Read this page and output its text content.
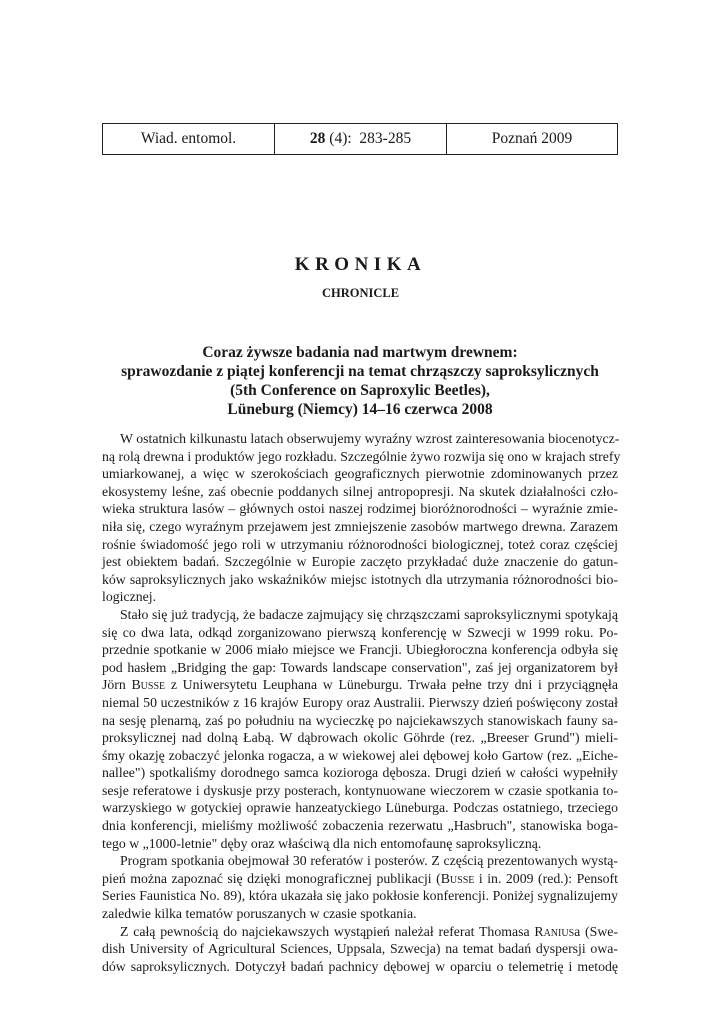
Wiad. entomol.	28 (4):  283-285	Poznań 2009
KRONIKA
CHRONICLE
Coraz żywsze badania nad martwym drewnem:
sprawozdanie z piątej konferencji na temat chrząszczy saproksylicznych
(5th Conference on Saproxylic Beetles),
Lüneburg (Niemcy) 14–16 czerwca 2008
W ostatnich kilkunastu latach obserwujemy wyraźny wzrost zainteresowania biocenotycz-
ną rolą drewna i produktów jego rozkładu. Szczególnie żywo rozwija się ono w krajach strefy
umiarkowanej, a więc w szerokościach geograficznych pierwotnie zdominowanych przez
ekosystemy leśne, zaś obecnie poddanych silnej antropopresji. Na skutek działalności czło-
wieka struktura lasów – głównych ostoi naszej rodzimej bioróżnorodności – wyraźnie zmie-
niła się, czego wyraźnym przejawem jest zmniejszenie zasobów martwego drewna. Zarazem
rośnie świadomość jego roli w utrzymaniu różnorodności biologicznej, toteż coraz częściej
jest obiektem badań. Szczególnie w Europie zaczęto przykładać duże znaczenie do gatun-
ków saproksylicznych jako wskaźników miejsc istotnych dla utrzymania różnorodności bio-
logicznej.
Stało się już tradycją, że badacze zajmujący się chrząszczami saproksylicznymi spotykają
się co dwa lata, odkąd zorganizowano pierwszą konferencję w Szwecji w 1999 roku. Po-
przednie spotkanie w 2006 miało miejsce we Francji. Ubiegłoroczna konferencja odbyła się
pod hasłem „Bridging the gap: Towards landscape conservation", zaś jej organizatorem był
Jörn Busse z Uniwersytetu Leuphana w Lüneburgu. Trwała pełne trzy dni i przyciągnęła
niemal 50 uczestników z 16 krajów Europy oraz Australii. Pierwszy dzień poświęcony został
na sesję plenarną, zaś po południu na wycieczkę po najciekawszych stanowiskach fauny sa-
proksylicznej nad dolną Łabą. W dąbrowach okolic Göhrde (rez. „Breeser Grund") mieli-
śmy okazję zobaczyć jelonka rogacza, a w wiekowej alei dębowej koło Gartow (rez. „Eiche-
nallee") spotkaliśmy dorodnego samca kozioroga dębosza. Drugi dzień w całości wypełniły
sesje referatowe i dyskusje przy posterach, kontynuowane wieczorem w czasie spotkania to-
warzyskiego w gotyckiej oprawie hanzeatyckiego Lüneburga. Podczas ostatniego, trzeciego
dnia konferencji, mieliśmy możliwość zobaczenia rezerwatu „Hasbruch", stanowiska boga-
tego w „1000-letnie" dęby oraz właściwą dla nich entomofaunę saproksyliczną.
Program spotkania obejmował 30 referatów i posterów. Z częścią prezentowanych wystą-
pień można zapoznać się dzięki monograficznej publikacji (Busse i in. 2009 (red.): Pensoft
Series Faunistica No. 89), która ukazała się jako pokłosie konferencji. Poniżej sygnalizujemy
zaledwie kilka tematów poruszanych w czasie spotkania.
Z całą pewnością do najciekawszych wystąpień należał referat Thomasa Raniusa (Swe-
dish University of Agricultural Sciences, Uppsala, Szwecja) na temat badań dyspersji owa-
dów saproksylicznych. Dotyczył badań pachnicy dębowej w oparciu o telemetrię i metodę
